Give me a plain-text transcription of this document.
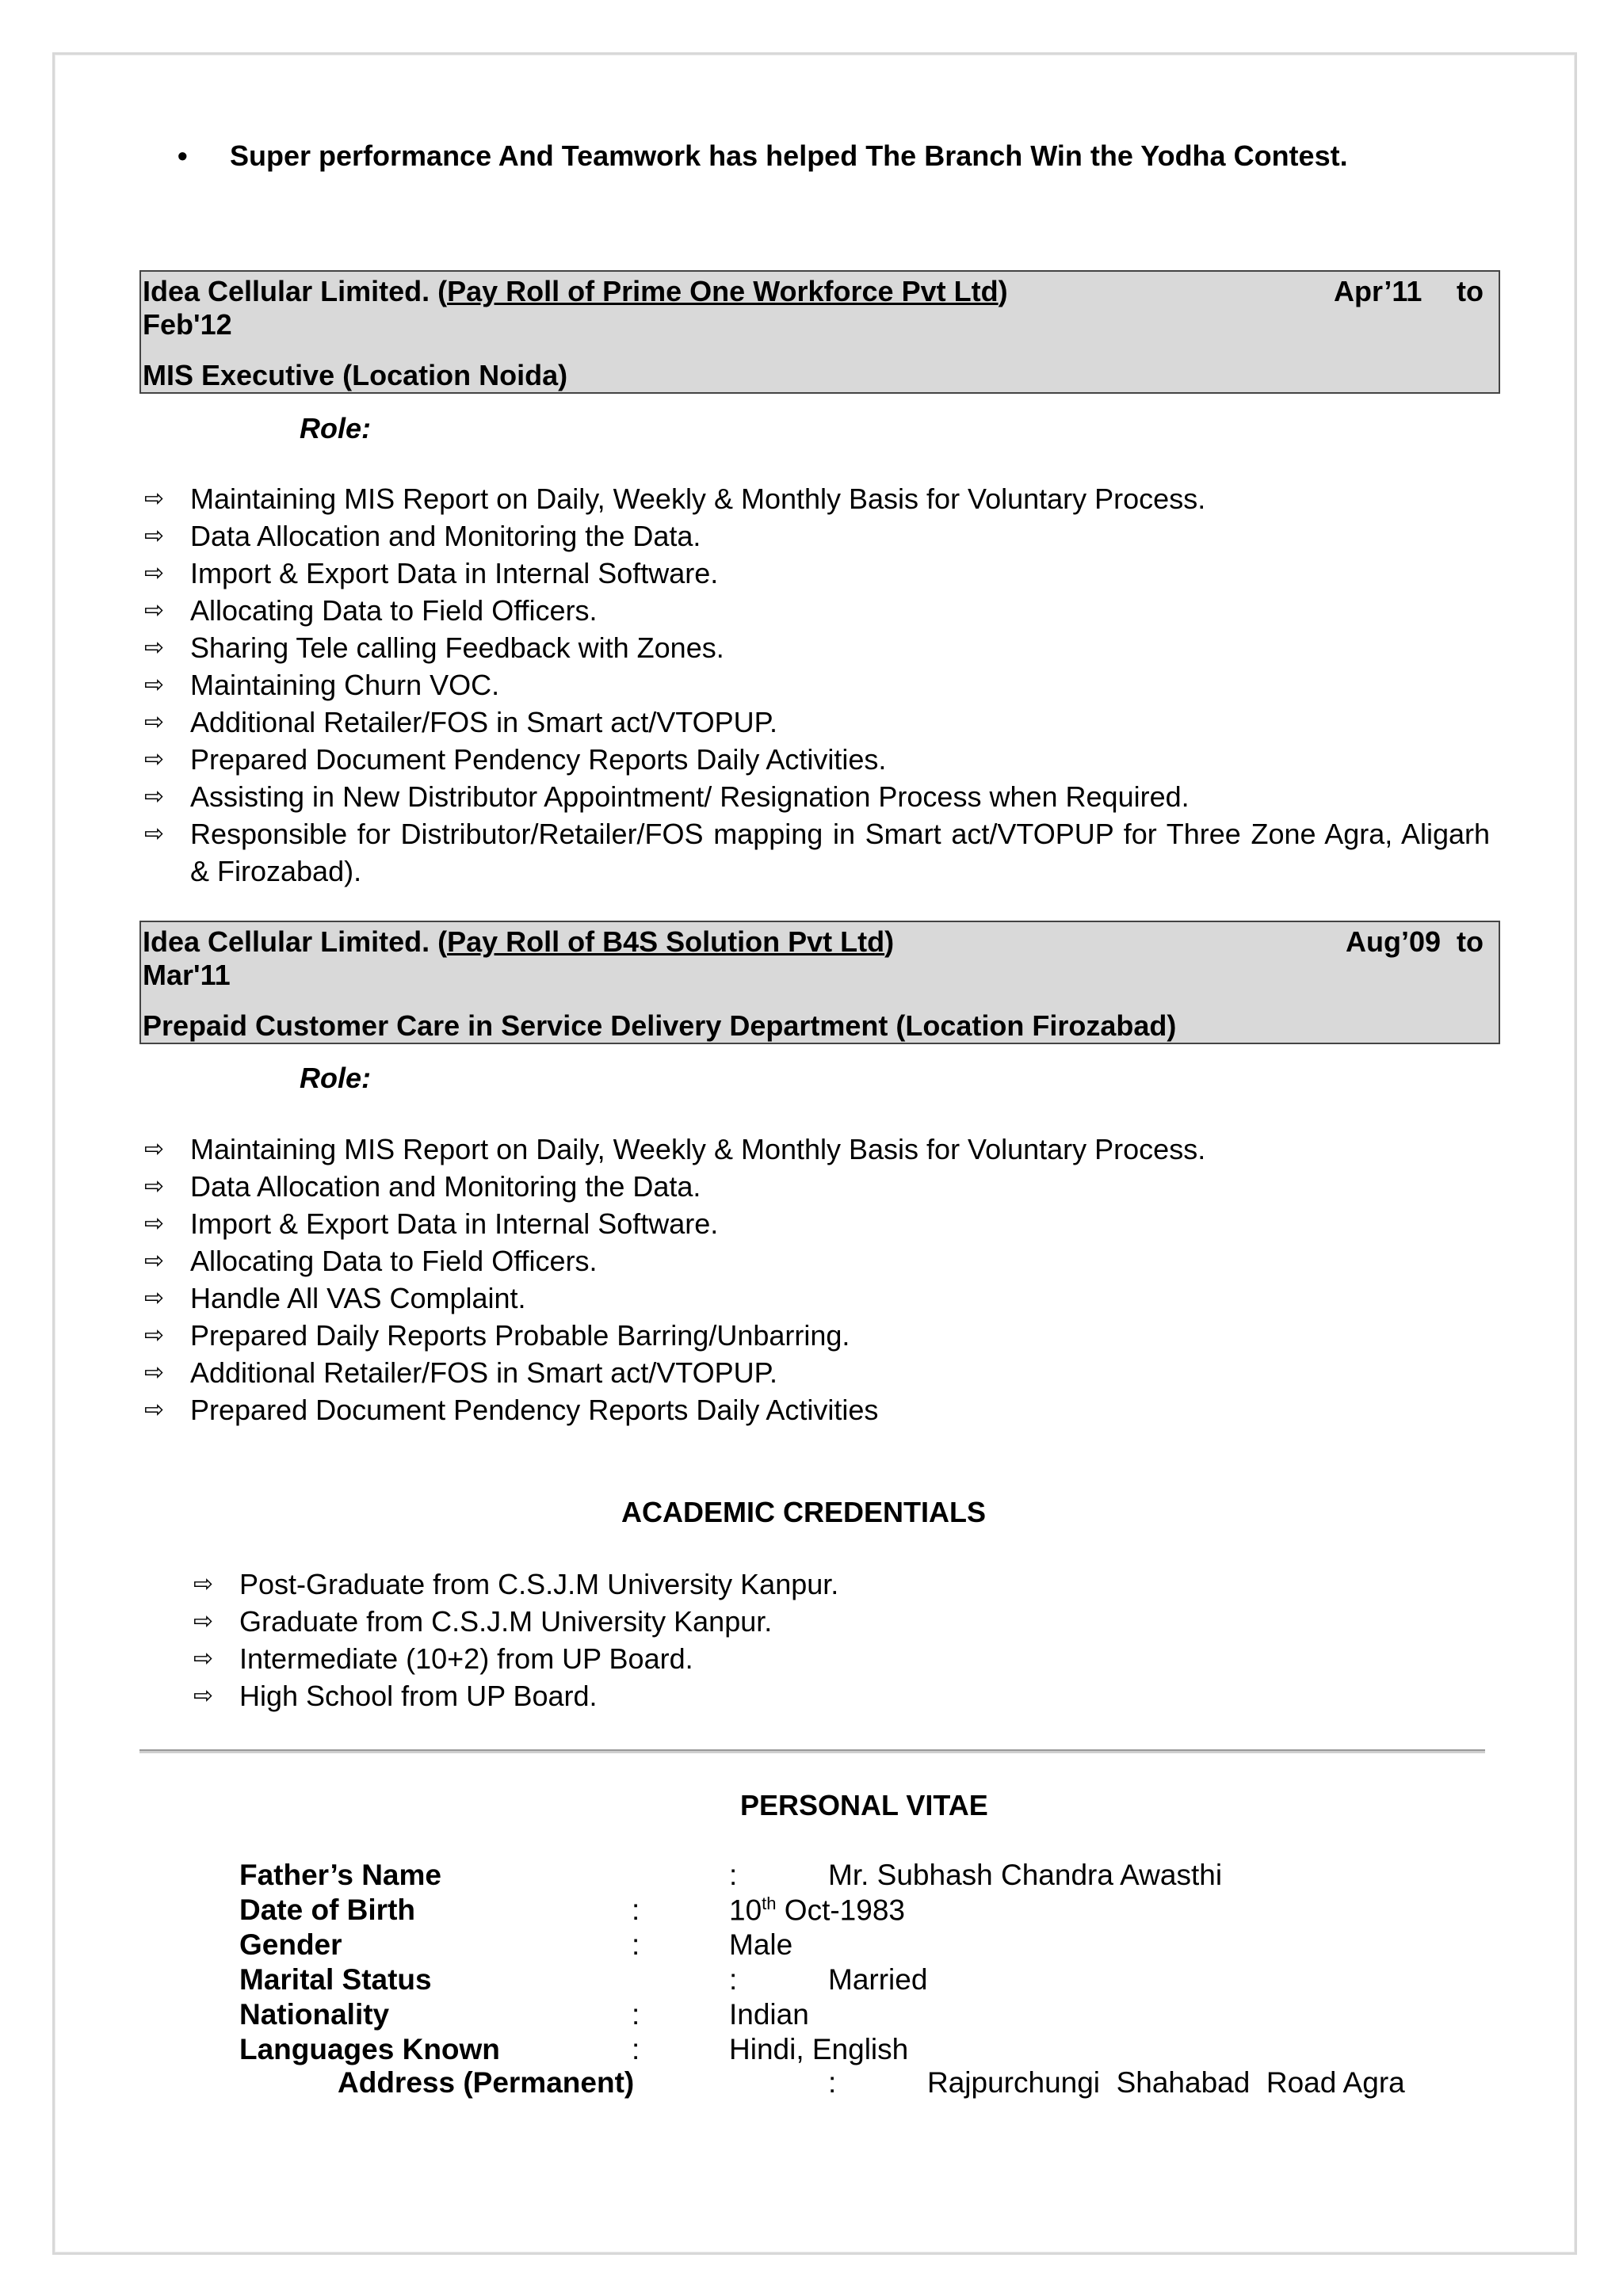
• Super performance And Teamwork has helped The Branch Win the Yodha Contest.
Idea Cellular Limited. (Pay Roll of Prime One Workforce Pvt Ltd)	Apr’11 to
Feb'12
MIS Executive (Location Noida)
Role:
⇨ Maintaining MIS Report on Daily, Weekly & Monthly Basis for Voluntary Process.
⇨ Data Allocation and Monitoring the Data.
⇨ Import & Export Data in Internal Software.
⇨ Allocating Data to Field Officers.
⇨ Sharing Tele calling Feedback with Zones.
⇨ Maintaining Churn VOC.
⇨ Additional Retailer/FOS in Smart act/VTOPUP.
⇨ Prepared Document Pendency Reports Daily Activities.
⇨ Assisting in New Distributor Appointment/ Resignation Process when Required.
⇨ Responsible for Distributor/Retailer/FOS mapping in Smart act/VTOPUP for Three Zone Agra, Aligarh & Firozabad).
Idea Cellular Limited. (Pay Roll of B4S Solution Pvt Ltd)	Aug’09 to
Mar'11
Prepaid Customer Care in Service Delivery Department (Location Firozabad)
Role:
⇨ Maintaining MIS Report on Daily, Weekly & Monthly Basis for Voluntary Process.
⇨ Data Allocation and Monitoring the Data.
⇨ Import & Export Data in Internal Software.
⇨ Allocating Data to Field Officers.
⇨ Handle All VAS Complaint.
⇨ Prepared Daily Reports Probable Barring/Unbarring.
⇨ Additional Retailer/FOS in Smart act/VTOPUP.
⇨ Prepared Document Pendency Reports Daily Activities
ACADEMIC CREDENTIALS
⇨ Post-Graduate from C.S.J.M University Kanpur.
⇨ Graduate from C.S.J.M University Kanpur.
⇨ Intermediate (10+2) from UP Board.
⇨ High School from UP Board.
PERSONAL VITAE
Father’s Name	:	Mr. Subhash Chandra Awasthi
Date of Birth	:	10th Oct-1983
Gender	:	Male
Marital Status	:	Married
Nationality	:	Indian
Languages Known	:	Hindi, English
Address (Permanent)	:	Rajpurchungi  Shahabad  Road Agra
